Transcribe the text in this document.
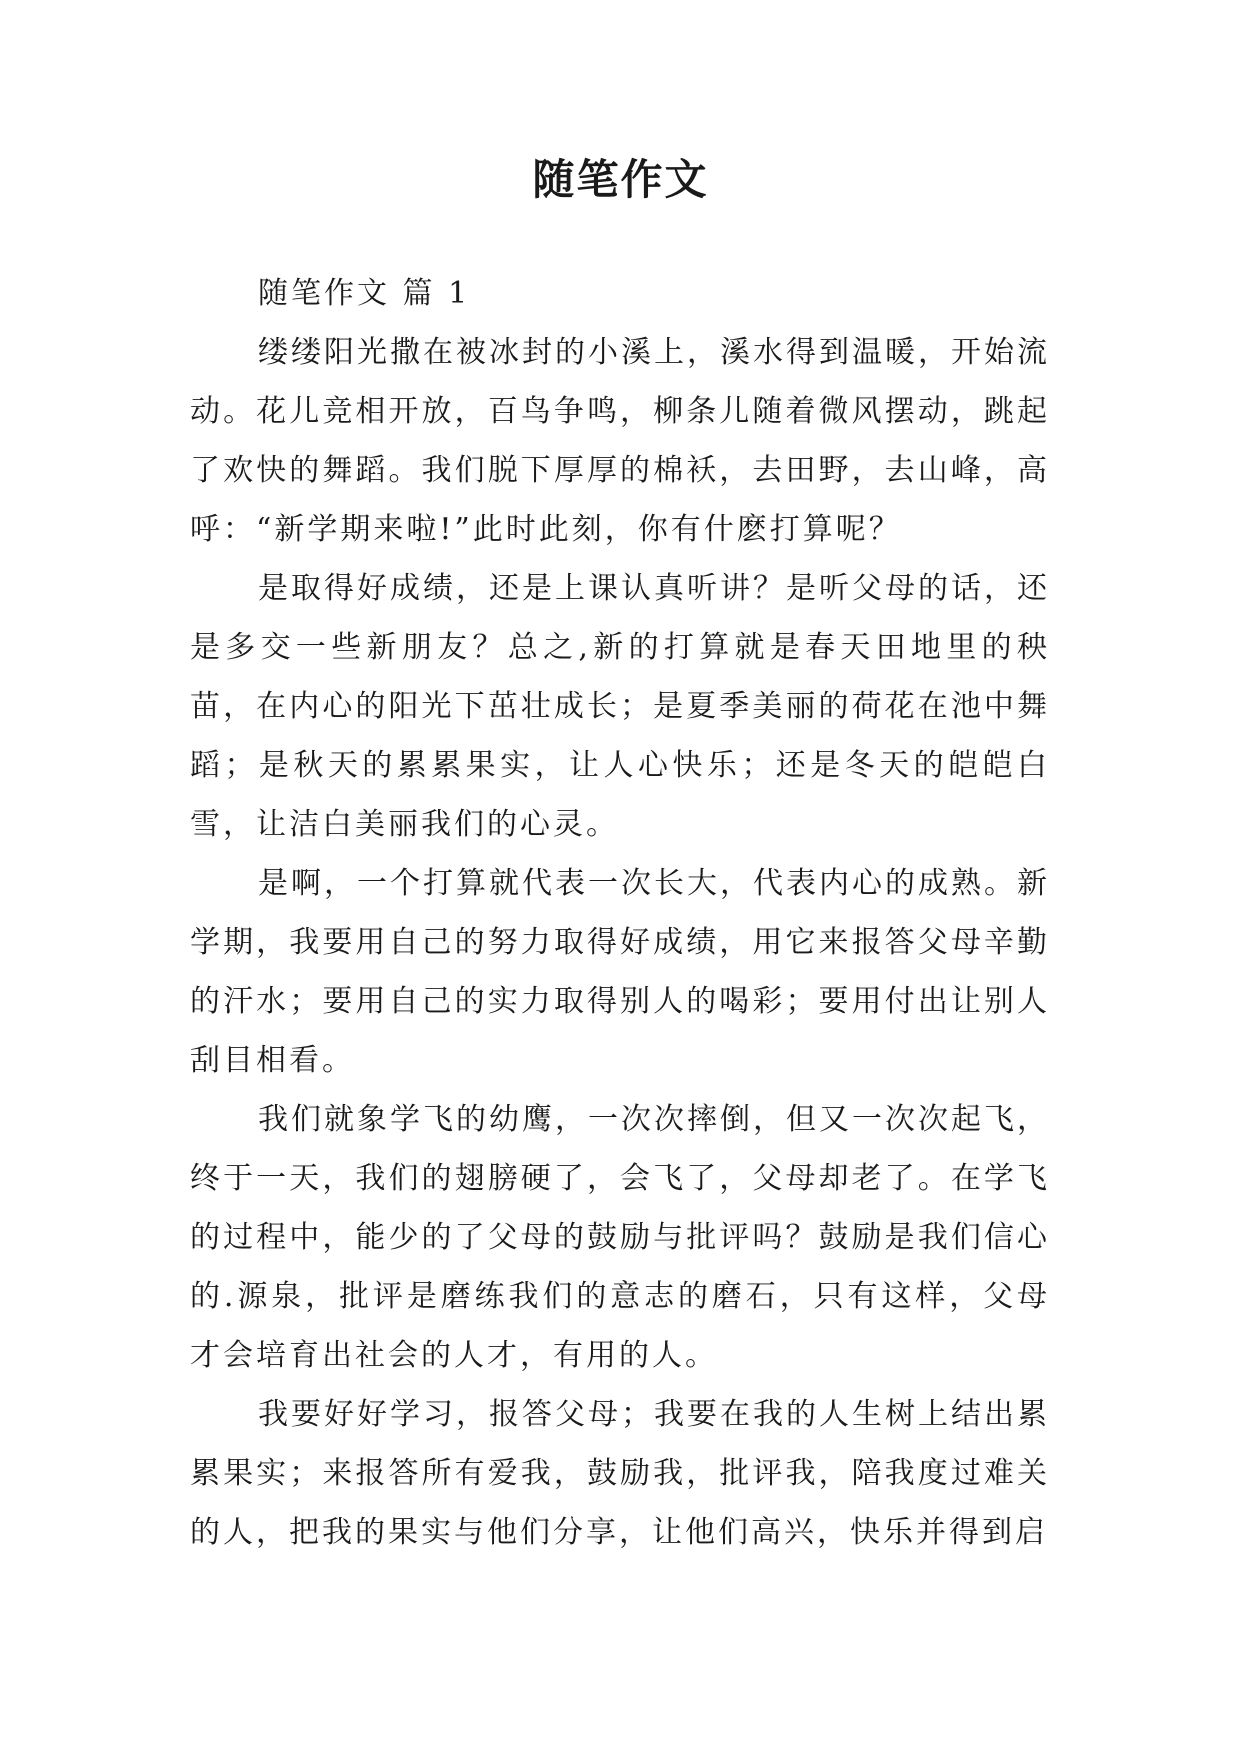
随笔作文

随笔作文 篇 1

缕缕阳光撒在被冰封的小溪上，溪水得到温暖，开始流动。花儿竞相开放，百鸟争鸣，柳条儿随着微风摆动，跳起了欢快的舞蹈。我们脱下厚厚的棉袄，去田野，去山峰，高呼：“新学期来啦!”此时此刻，你有什麽打算呢？

是取得好成绩，还是上课认真听讲？是听父母的话，还是多交一些新朋友？总之,新的打算就是春天田地里的秧苗，在内心的阳光下茁壮成长；是夏季美丽的荷花在池中舞蹈；是秋天的累累果实，让人心快乐；还是冬天的皑皑白雪，让洁白美丽我们的心灵。

是啊，一个打算就代表一次长大，代表内心的成熟。新学期，我要用自己的努力取得好成绩，用它来报答父母辛勤的汗水；要用自己的实力取得别人的喝彩；要用付出让别人刮目相看。

我们就象学飞的幼鹰，一次次摔倒，但又一次次起飞，终于一天，我们的翅膀硬了，会飞了，父母却老了。在学飞的过程中，能少的了父母的鼓励与批评吗？鼓励是我们信心的.源泉，批评是磨练我们的意志的磨石，只有这样，父母才会培育出社会的人才，有用的人。

我要好好学习，报答父母；我要在我的人生树上结出累累果实；来报答所有爱我，鼓励我，批评我，陪我度过难关的人，把我的果实与他们分享，让他们高兴，快乐并得到启
